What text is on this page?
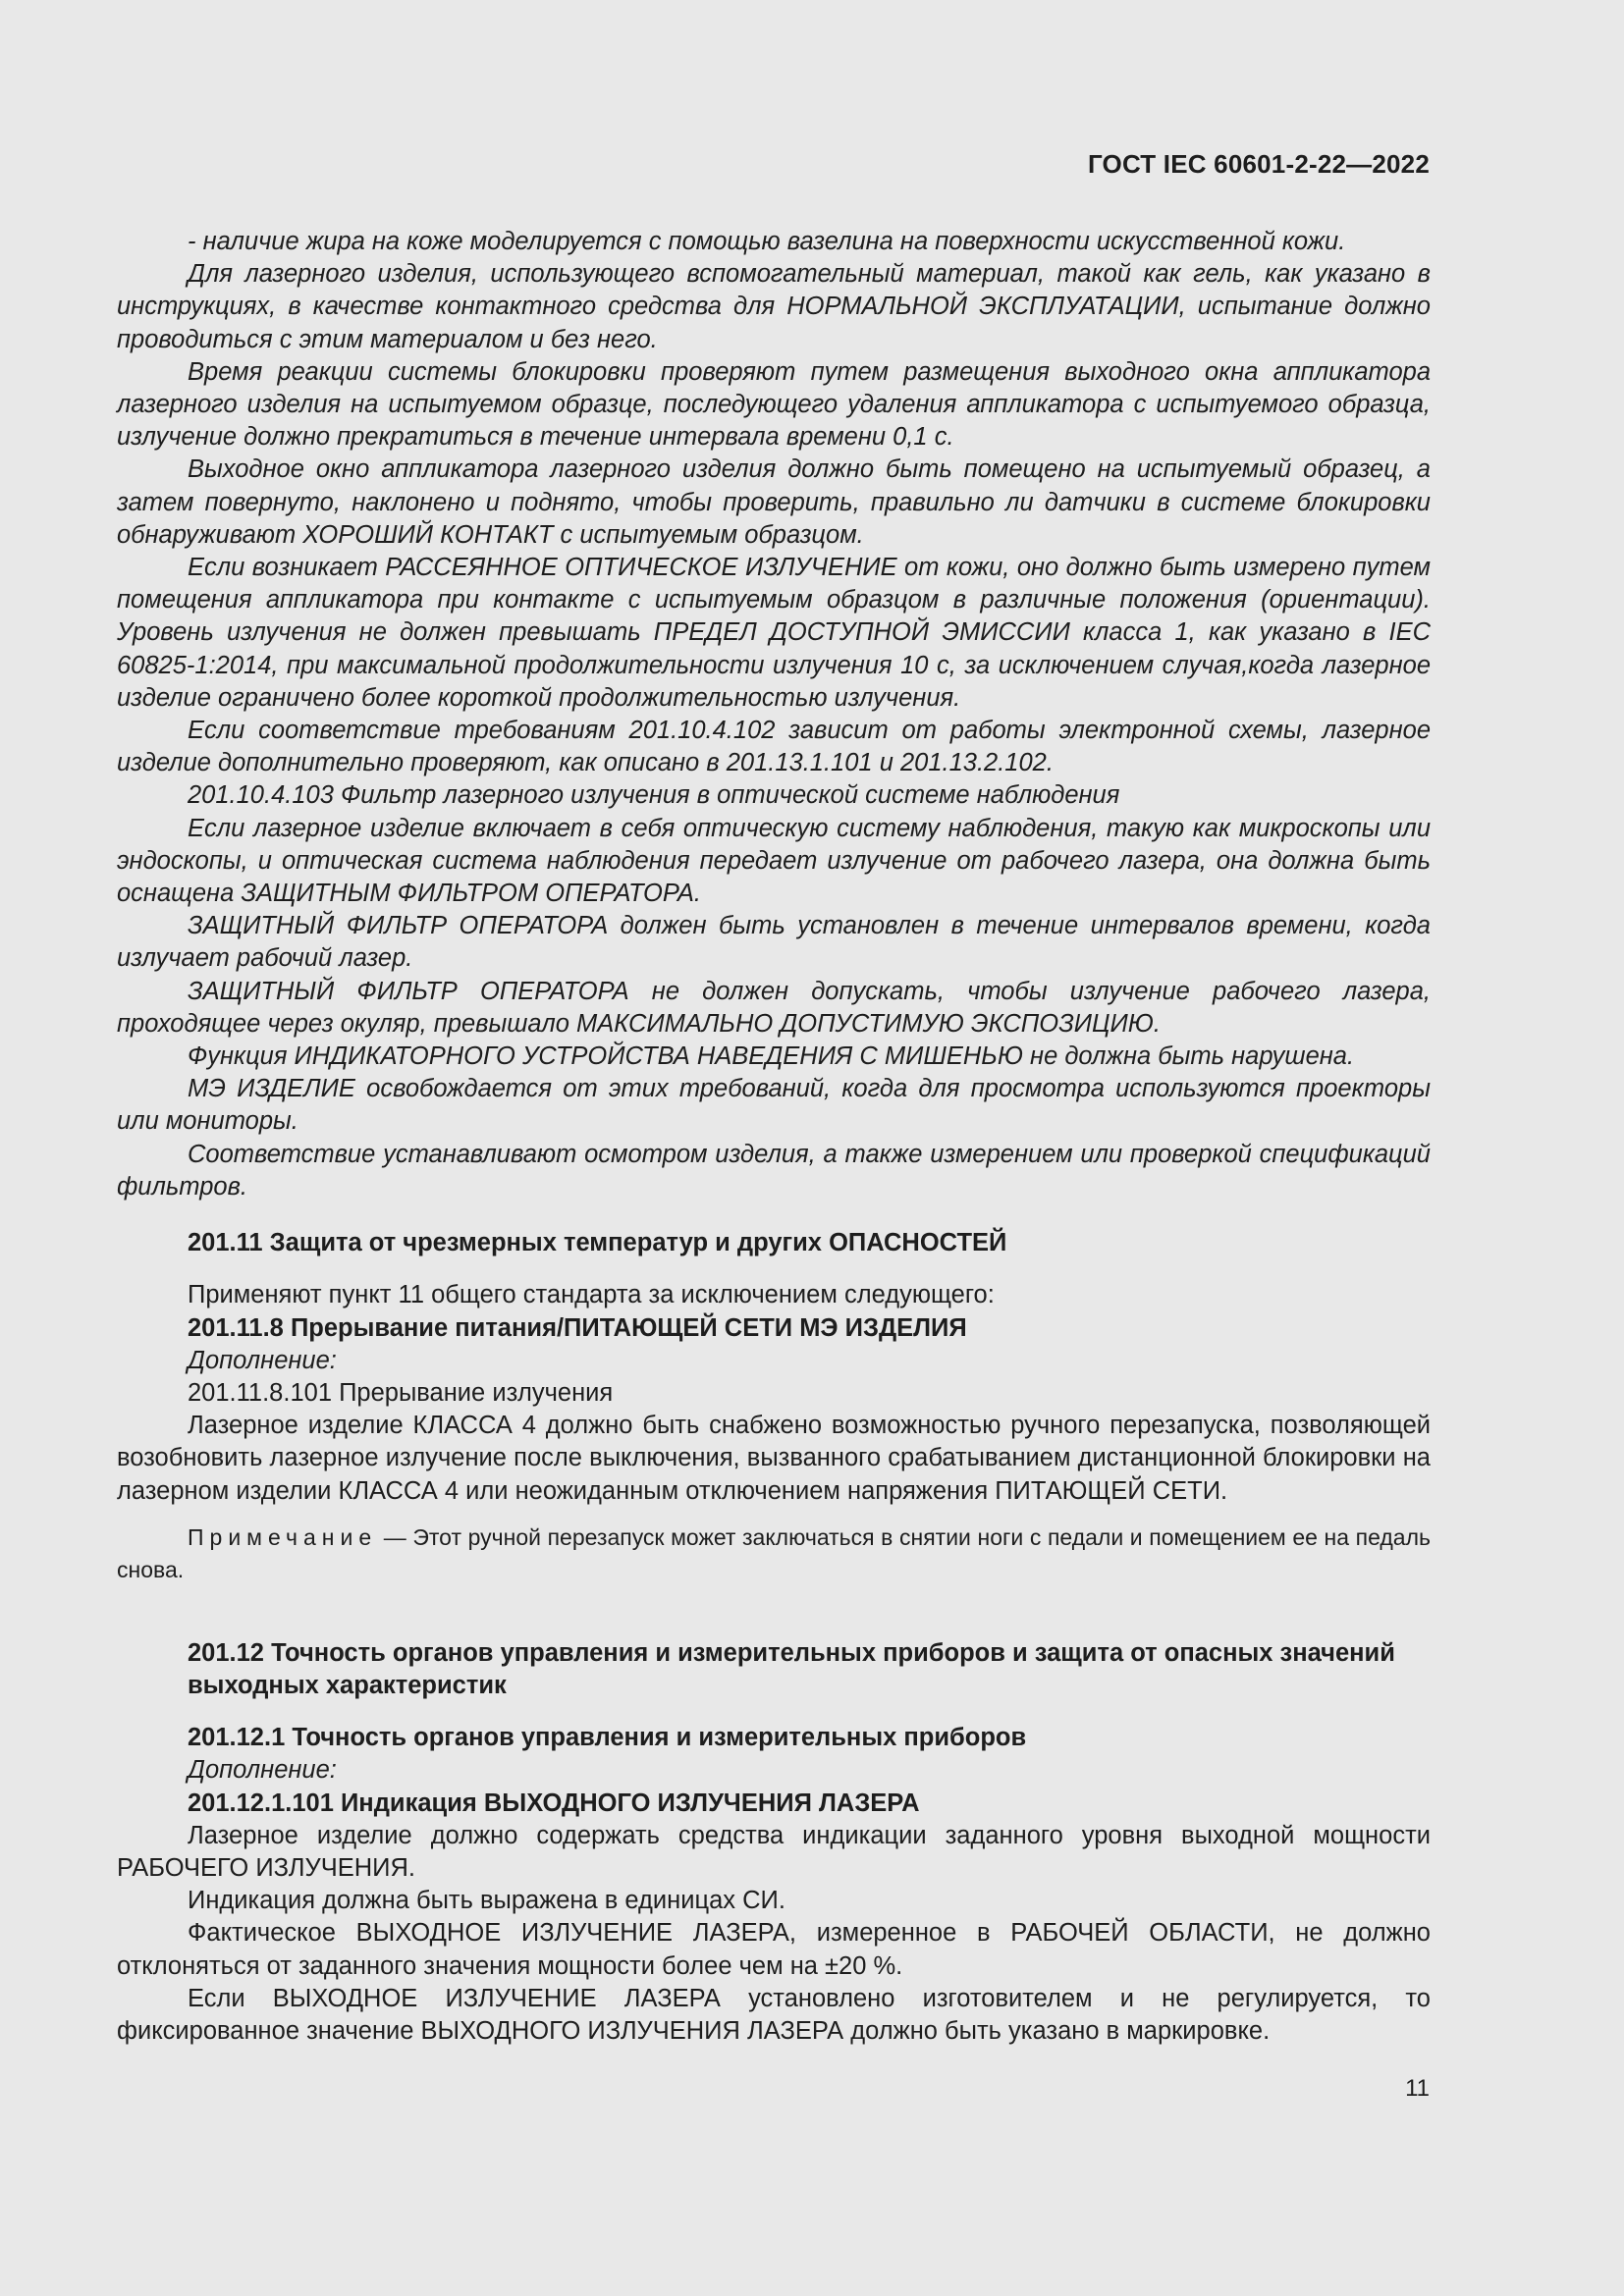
ГОСТ IEC 60601-2-22—2022

- наличие жира на коже моделируется с помощью вазелина на поверхности искусственной кожи.

Для лазерного изделия, использующего вспомогательный материал, такой как гель, как указано в инструкциях, в качестве контактного средства для НОРМАЛЬНОЙ ЭКСПЛУАТАЦИИ, испытание должно проводиться с этим материалом и без него.

Время реакции системы блокировки проверяют путем размещения выходного окна аппликатора лазерного изделия на испытуемом образце, последующего удаления аппликатора с испытуемого образца, излучение должно прекратиться в течение интервала времени 0,1 с.

Выходное окно аппликатора лазерного изделия должно быть помещено на испытуемый образец, а затем повернуто, наклонено и поднято, чтобы проверить, правильно ли датчики в системе блокировки обнаруживают ХОРОШИЙ КОНТАКТ с испытуемым образцом.

Если возникает РАССЕЯННОЕ ОПТИЧЕСКОЕ ИЗЛУЧЕНИЕ от кожи, оно должно быть измерено путем помещения аппликатора при контакте с испытуемым образцом в различные положения (ориентации). Уровень излучения не должен превышать ПРЕДЕЛ ДОСТУПНОЙ ЭМИССИИ класса 1, как указано в IEC 60825-1:2014, при максимальной продолжительности излучения 10 с, за исключением случая,когда лазерное изделие ограничено более короткой продолжительностью излучения.

Если соответствие требованиям 201.10.4.102 зависит от работы электронной схемы, лазерное изделие дополнительно проверяют, как описано в 201.13.1.101 и 201.13.2.102.

201.10.4.103 Фильтр лазерного излучения в оптической системе наблюдения

Если лазерное изделие включает в себя оптическую систему наблюдения, такую как микроскопы или эндоскопы, и оптическая система наблюдения передает излучение от рабочего лазера, она должна быть оснащена ЗАЩИТНЫМ ФИЛЬТРОМ ОПЕРАТОРА.

ЗАЩИТНЫЙ ФИЛЬТР ОПЕРАТОРА должен быть установлен в течение интервалов времени, когда излучает рабочий лазер.

ЗАЩИТНЫЙ ФИЛЬТР ОПЕРАТОРА не должен допускать, чтобы излучение рабочего лазера, проходящее через окуляр, превышало МАКСИМАЛЬНО ДОПУСТИМУЮ ЭКСПОЗИЦИЮ.

Функция ИНДИКАТОРНОГО УСТРОЙСТВА НАВЕДЕНИЯ С МИШЕНЬЮ не должна быть нарушена.

МЭ ИЗДЕЛИЕ освобождается от этих требований, когда для просмотра используются проекторы или мониторы.

Соответствие устанавливают осмотром изделия, а также измерением или проверкой спецификаций фильтров.

201.11 Защита от чрезмерных температур и других ОПАСНОСТЕЙ
Применяют пункт 11 общего стандарта за исключением следующего:
201.11.8 Прерывание питания/ПИТАЮЩЕЙ СЕТИ МЭ ИЗДЕЛИЯ
Дополнение:
201.11.8.101 Прерывание излучения

Лазерное изделие КЛАССА 4 должно быть снабжено возможностью ручного перезапуска, позволяющей возобновить лазерное излучение после выключения, вызванного срабатыванием дистанционной блокировки на лазерном изделии КЛАССА 4 или неожиданным отключением напряжения ПИТАЮЩЕЙ СЕТИ.

Примечание — Этот ручной перезапуск может заключаться в снятии ноги с педали и помещением ее на педаль снова.

201.12 Точность органов управления и измерительных приборов и защита от опасных значений выходных характеристик
201.12.1 Точность органов управления и измерительных приборов
Дополнение:
201.12.1.101 Индикация ВЫХОДНОГО ИЗЛУЧЕНИЯ ЛАЗЕРА

Лазерное изделие должно содержать средства индикации заданного уровня выходной мощности РАБОЧЕГО ИЗЛУЧЕНИЯ.

Индикация должна быть выражена в единицах СИ.

Фактическое ВЫХОДНОЕ ИЗЛУЧЕНИЕ ЛАЗЕРА, измеренное в РАБОЧЕЙ ОБЛАСТИ, не должно отклоняться от заданного значения мощности более чем на ±20 %.

Если ВЫХОДНОЕ ИЗЛУЧЕНИЕ ЛАЗЕРА установлено изготовителем и не регулируется, то фиксированное значение ВЫХОДНОГО ИЗЛУЧЕНИЯ ЛАЗЕРА должно быть указано в маркировке.

11
